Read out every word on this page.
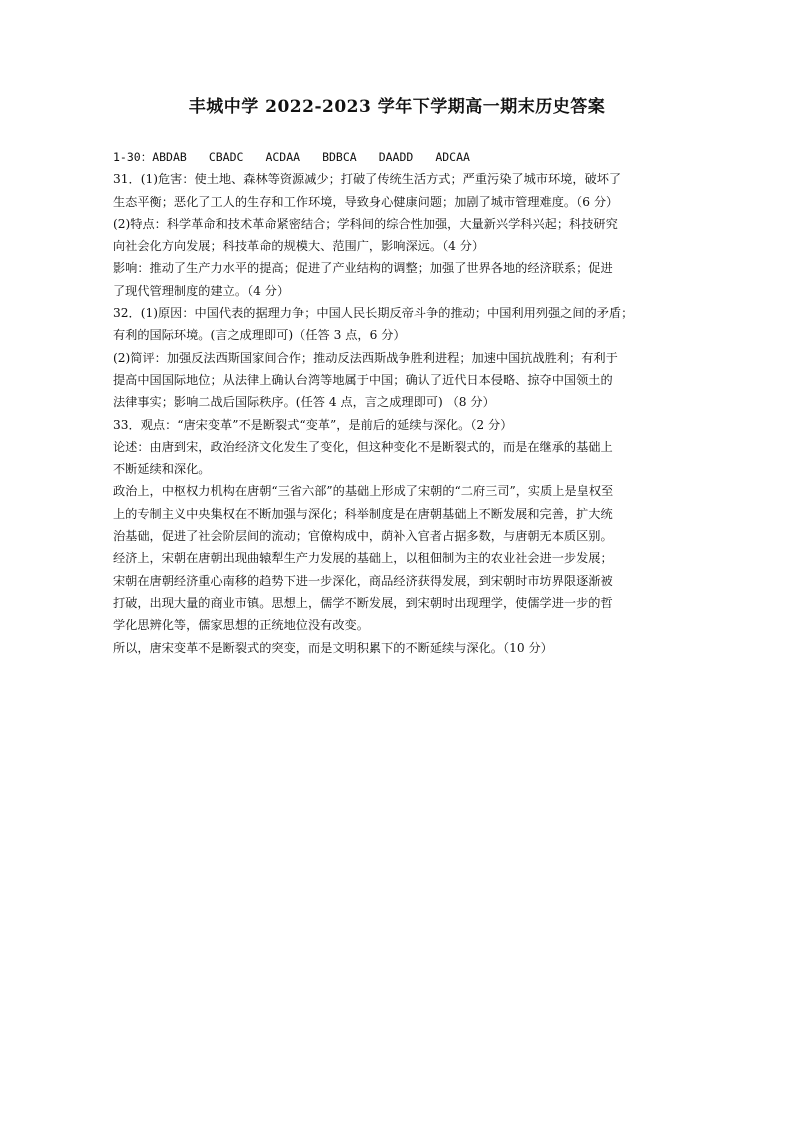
丰城中学 2022-2023 学年下学期高一期末历史答案
1-30：ABDAB CBADC ACDAA BDBCA DAADD ADCAA
31．(1)危害：使土地、森林等资源减少；打破了传统生活方式；严重污染了城市环境，破坏了
生态平衡；恶化了工人的生存和工作环境，导致身心健康问题；加剧了城市管理难度。（6 分）
(2)特点：科学革命和技术革命紧密结合；学科间的综合性加强，大量新兴学科兴起；科技研究
向社会化方向发展；科技革命的规模大、范围广，影响深远。（4 分）
影响：推动了生产力水平的提高；促进了产业结构的调整；加强了世界各地的经济联系；促进
了现代管理制度的建立。（4 分）
32．(1)原因：中国代表的据理力争；中国人民长期反帝斗争的推动；中国利用列强之间的矛盾；
有利的国际环境。(言之成理即可)（任答 3 点，6 分）
(2)简评：加强反法西斯国家间合作；推动反法西斯战争胜利进程；加速中国抗战胜利；有利于
提高中国国际地位；从法律上确认台湾等地属于中国；确认了近代日本侵略、掠夺中国领土的
法律事实；影响二战后国际秩序。(任答 4 点，言之成理即可) （8 分）
33．观点：“唐宋变革”不是断裂式“变革”，是前后的延续与深化。（2 分）
论述：由唐到宋，政治经济文化发生了变化，但这种变化不是断裂式的，而是在继承的基础上
不断延续和深化。
政治上，中枢权力机构在唐朝“三省六部”的基础上形成了宋朝的“二府三司”，实质上是皇权至
上的专制主义中央集权在不断加强与深化；科举制度是在唐朝基础上不断发展和完善，扩大统
治基础，促进了社会阶层间的流动；官僚构成中，荫补入官者占据多数，与唐朝无本质区别。
经济上，宋朝在唐朝出现曲辕犁生产力发展的基础上，以租佃制为主的农业社会进一步发展；
宋朝在唐朝经济重心南移的趋势下进一步深化，商品经济获得发展，到宋朝时市坊界限逐渐被
打破，出现大量的商业市镇。思想上，儒学不断发展，到宋朝时出现理学，使儒学进一步的哲
学化思辨化等，儒家思想的正统地位没有改变。
所以，唐宋变革不是断裂式的突变，而是文明积累下的不断延续与深化。（10 分）
